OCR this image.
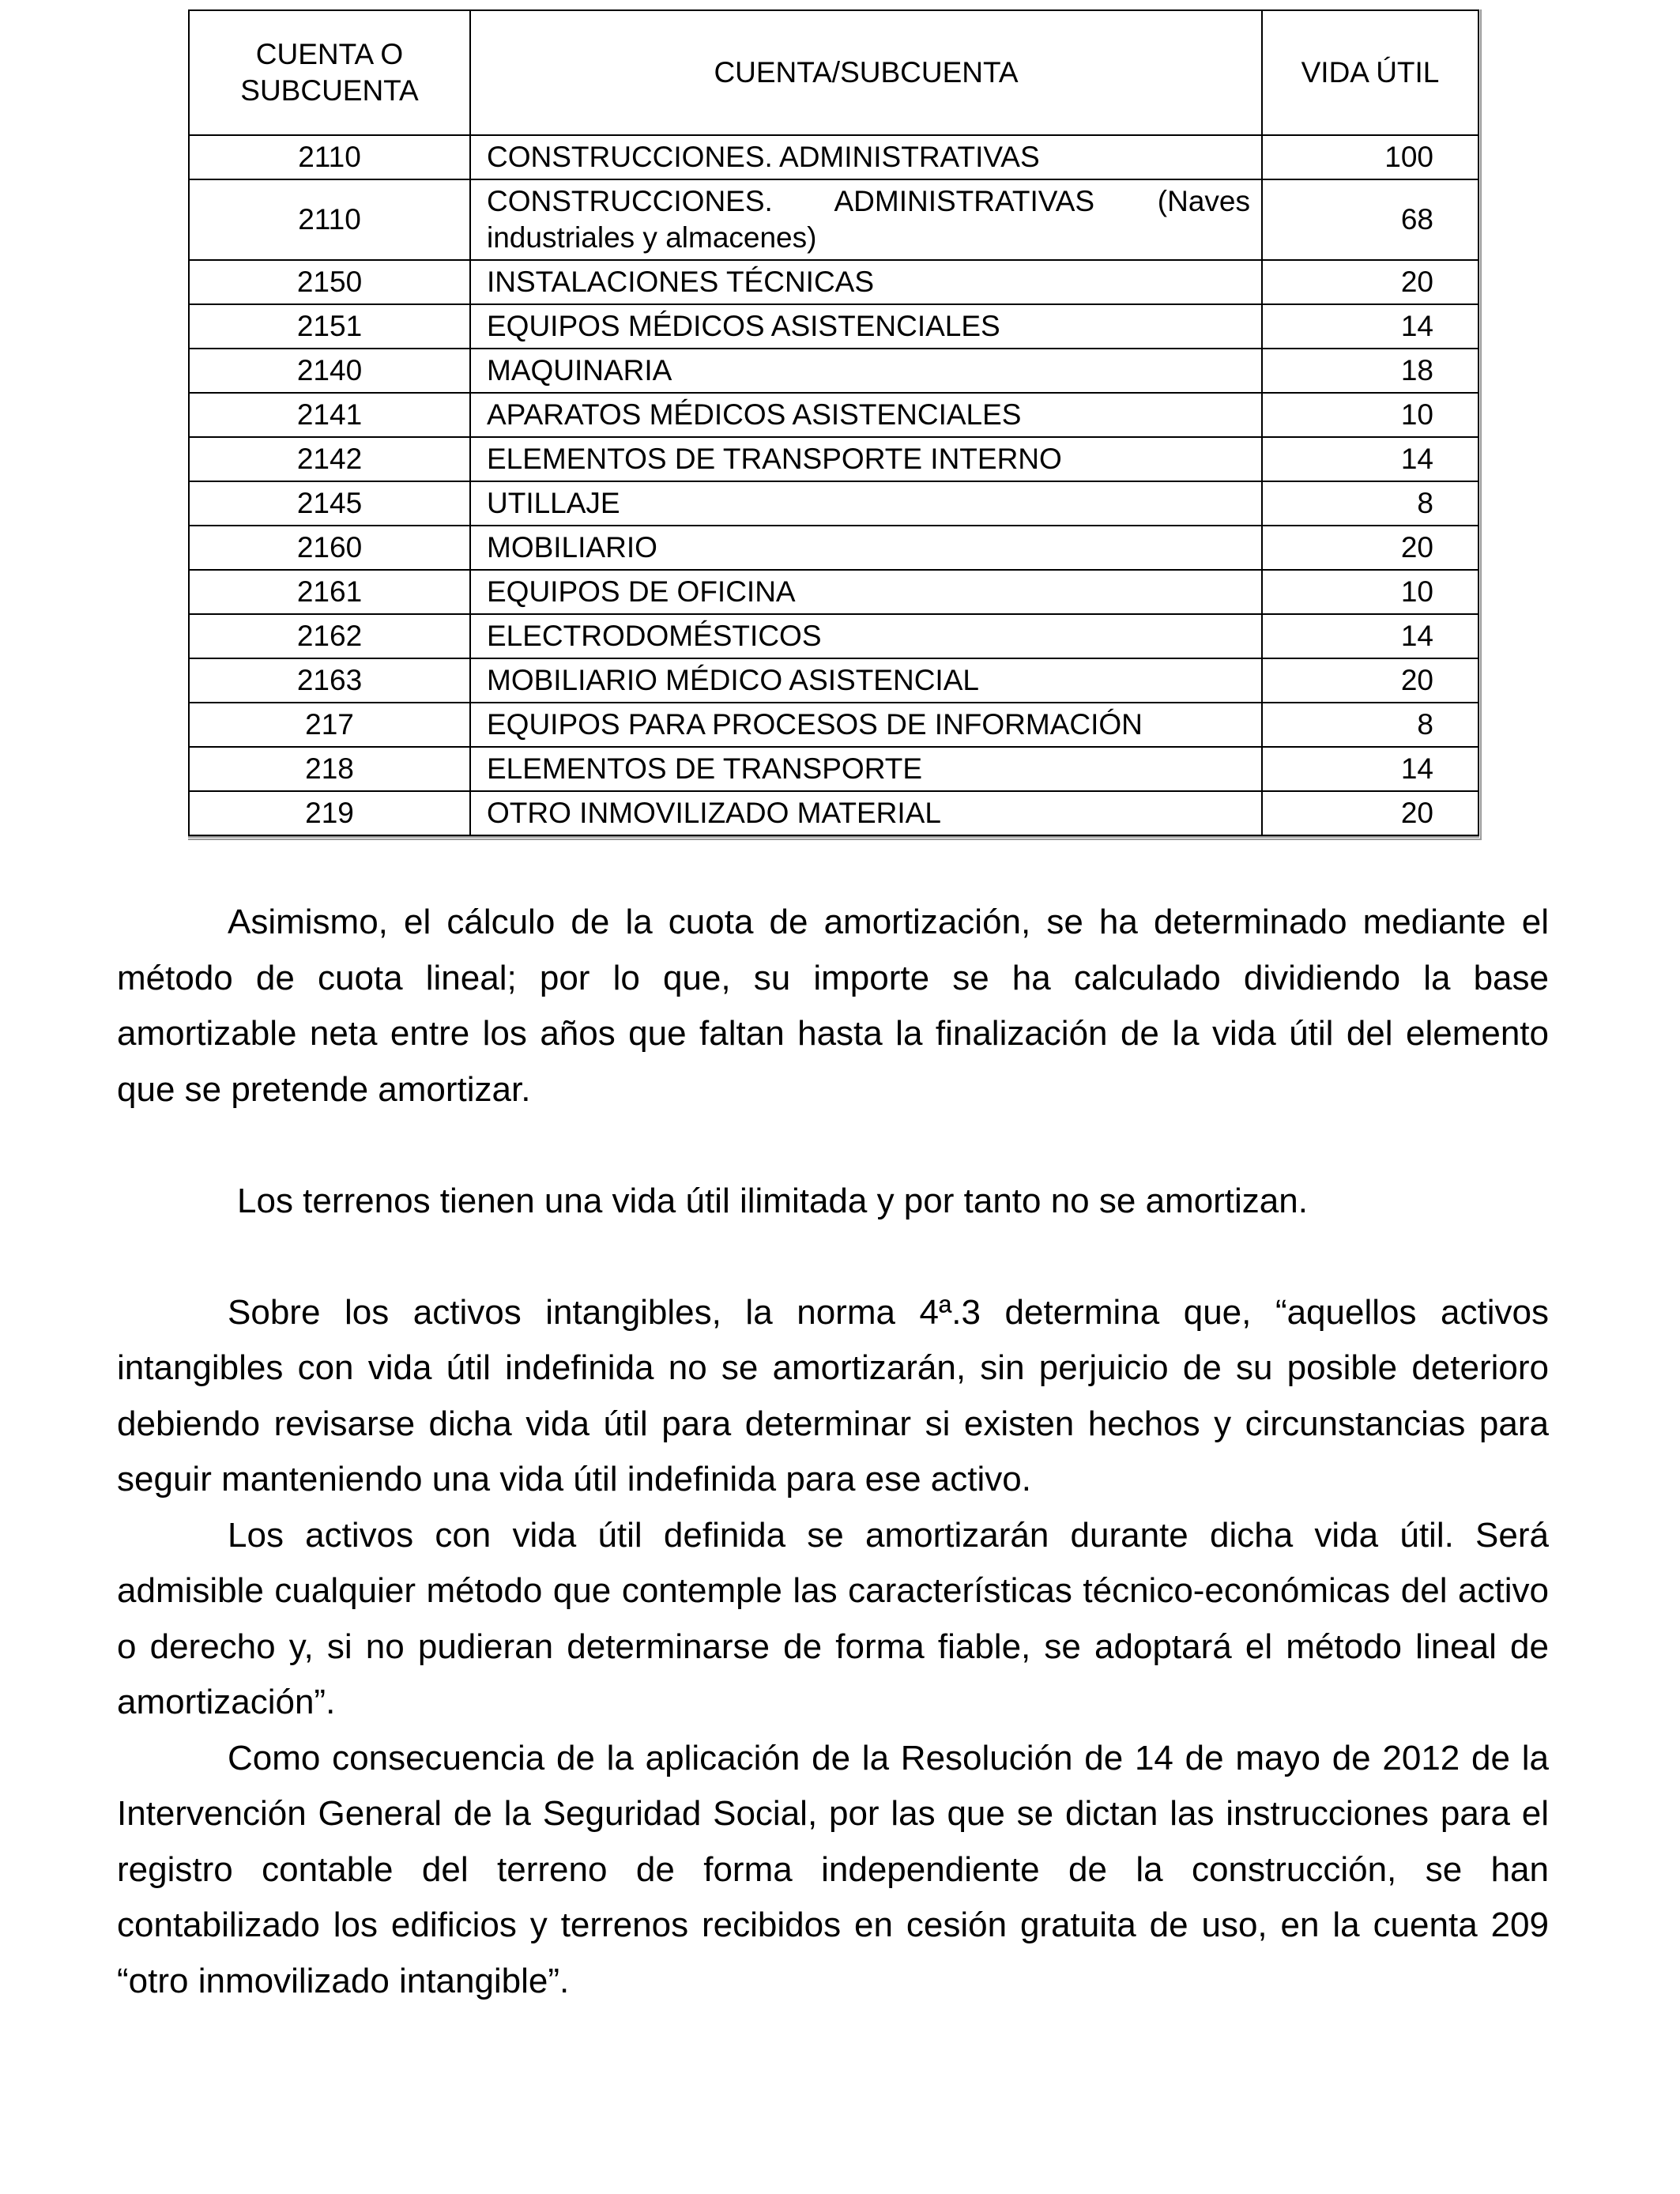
CUENTA O SUBCUENTA	CUENTA/SUBCUENTA	VIDA ÚTIL
2110	CONSTRUCCIONES. ADMINISTRATIVAS	100
2110	CONSTRUCCIONES. ADMINISTRATIVAS (Naves industriales y almacenes)	68
2150	INSTALACIONES TÉCNICAS	20
2151	EQUIPOS MÉDICOS ASISTENCIALES	14
2140	MAQUINARIA	18
2141	APARATOS MÉDICOS ASISTENCIALES	10
2142	ELEMENTOS DE TRANSPORTE INTERNO	14
2145	UTILLAJE	8
2160	MOBILIARIO	20
2161	EQUIPOS DE OFICINA	10
2162	ELECTRODOMÉSTICOS	14
2163	MOBILIARIO MÉDICO ASISTENCIAL	20
217	EQUIPOS PARA PROCESOS DE INFORMACIÓN	8
218	ELEMENTOS DE TRANSPORTE	14
219	OTRO INMOVILIZADO MATERIAL	20

Asimismo, el cálculo de la cuota de amortización, se ha determinado mediante el método de cuota lineal; por lo que, su importe se ha calculado dividiendo la base amortizable neta entre los años que faltan hasta la finalización de la vida útil del elemento que se pretende amortizar.

Los terrenos tienen una vida útil ilimitada y por tanto no se amortizan.

Sobre los activos intangibles, la norma 4ª.3 determina que, “aquellos activos intangibles con vida útil indefinida no se amortizarán, sin perjuicio de su posible deterioro debiendo revisarse dicha vida útil para determinar si existen hechos y circunstancias para seguir manteniendo una vida útil indefinida para ese activo.

Los activos con vida útil definida se amortizarán durante dicha vida útil. Será admisible cualquier método que contemple las características técnico-económicas del activo o derecho y, si no pudieran determinarse de forma fiable, se adoptará el método lineal de amortización”.

Como consecuencia de la aplicación de la Resolución de 14 de mayo de 2012 de la Intervención General de la Seguridad Social, por las que se dictan las instrucciones para el registro contable del terreno de forma independiente de la construcción, se han contabilizado los edificios y terrenos recibidos en cesión gratuita de uso, en la cuenta 209 “otro inmovilizado intangible”.
